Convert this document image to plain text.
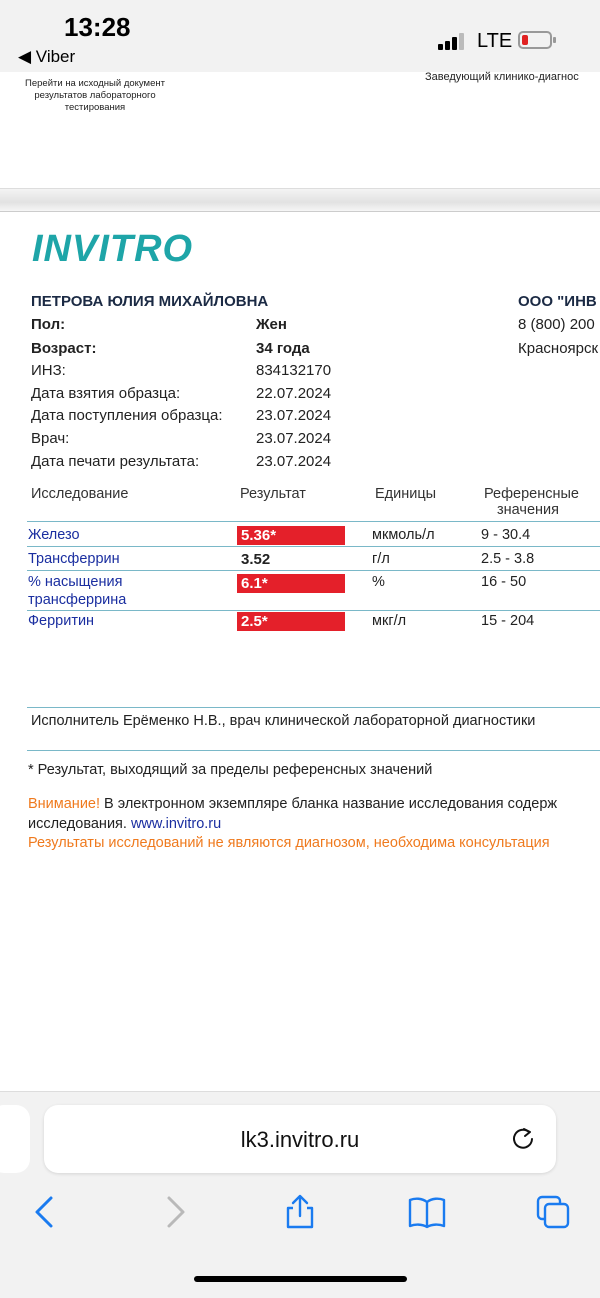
13:28
◀ Viber
LTE
Перейти на исходный документ результатов лабораторного тестирования
Заведующий клинико-диагнос
INVITRO
ПЕТРОВА ЮЛИЯ МИХАЙЛОВНА
Пол:	Жен
Возраст:	34 года
ИНЗ:	834132170
Дата взятия образца:	22.07.2024
Дата поступления образца: 23.07.2024
Врач:	23.07.2024
Дата печати результата:	23.07.2024
ООО "ИНВ
8 (800) 200
Красноярск
Исследование	Результат	Единицы	Референсные
значения
Железо	5.36*	мкмоль/л	9 - 30.4
Трансферрин	3.52	г/л	2.5 - 3.8
% насыщения
трансферрина
6.1*	%	16 - 50
Ферритин	2.5*	мкг/л	15 - 204
Исполнитель Ерёменко Н.В., врач клинической лабораторной диагностики
* Результат, выходящий за пределы референсных значений
Внимание! В электронном экземпляре бланка название исследования содерж
исследования. www.invitro.ru
Результаты исследований не являются диагнозом, необходима консультация
lk3.invitro.ru
